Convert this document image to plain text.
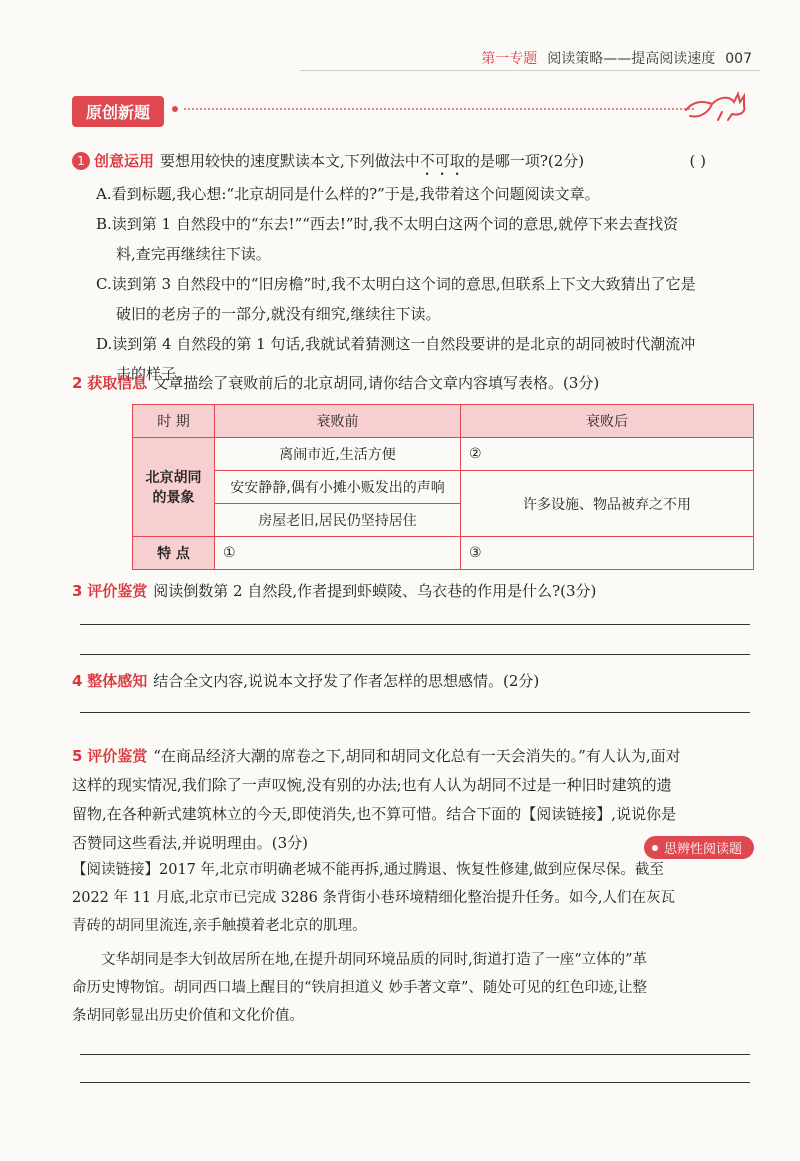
第一专题 阅读策略——提高阅读速度 007
原创新题
1 创意运用 要想用较快的速度默读本文,下列做法中不可取的是哪一项?(2分)	( )
A.看到标题,我心想:“北京胡同是什么样的?”于是,我带着这个问题阅读文章。
B.读到第 1 自然段中的“东去!”“西去!”时,我不太明白这两个词的意思,就停下来去查找资
料,查完再继续往下读。
C.读到第 3 自然段中的“旧房檐”时,我不太明白这个词的意思,但联系上下文大致猜出了它是
破旧的老房子的一部分,就没有细究,继续往下读。
D.读到第 4 自然段的第 1 句话,我就试着猜测这一自然段要讲的是北京的胡同被时代潮流冲
击的样子。
2 获取信息 文章描绘了衰败前后的北京胡同,请你结合文章内容填写表格。(3分)
时 期	衰败前	衰败后
北京胡同的景象	离闹市近,生活方便	②
	安安静静,偶有小摊小贩发出的声响	许多设施、物品被弃之不用
	房屋老旧,居民仍坚持居住	
特 点	①	③
3 评价鉴赏 阅读倒数第 2 自然段,作者提到虾蟆陵、乌衣巷的作用是什么?(3分)
4 整体感知 结合全文内容,说说本文抒发了作者怎样的思想感情。(2分)
5 评价鉴赏 “在商品经济大潮的席卷之下,胡同和胡同文化总有一天会消失的。”有人认为,面对
这样的现实情况,我们除了一声叹惋,没有别的办法;也有人认为胡同不过是一种旧时建筑的遗
留物,在各种新式建筑林立的今天,即使消失,也不算可惜。结合下面的【阅读链接】,说说你是
否赞同这些看法,并说明理由。(3分)	思辨性阅读题
【阅读链接】2017 年,北京市明确老城不能再拆,通过腾退、恢复性修建,做到应保尽保。截至
2022 年 11 月底,北京市已完成 3286 条背街小巷环境精细化整治提升任务。如今,人们在灰瓦
青砖的胡同里流连,亲手触摸着老北京的肌理。
文华胡同是李大钊故居所在地,在提升胡同环境品质的同时,街道打造了一座“立体的”革
命历史博物馆。胡同西口墙上醒目的“铁肩担道义 妙手著文章”、随处可见的红色印迹,让整
条胡同彰显出历史价值和文化价值。
